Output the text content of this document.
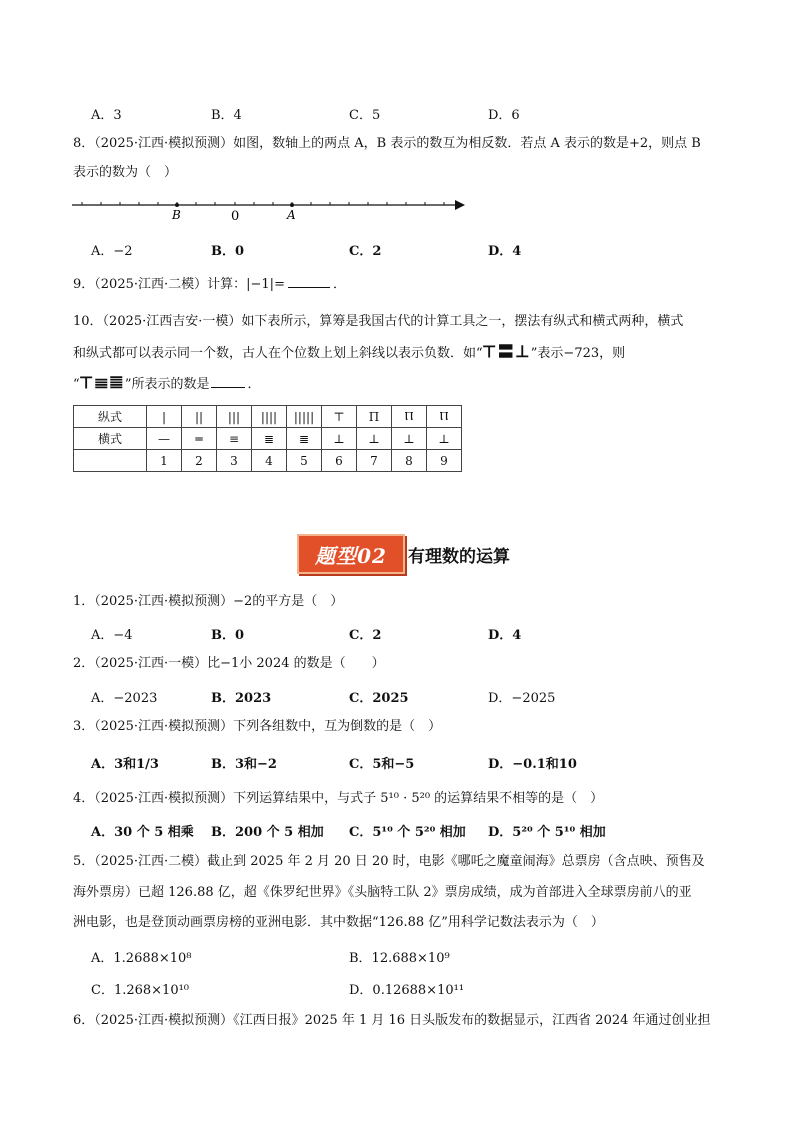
A．3	B．4	C．5	D．6
8．（2025·江西·模拟预测）如图，数轴上的两点 A，B 表示的数互为相反数．若点 A 表示的数是+2，则点 B
表示的数为（　）
B	0	A
A．−2	B．0	C．2	D．4
9．（2025·江西·二模）计算：|−1|=	．
10．（2025·江西吉安·一模）如下表所示，算筹是我国古代的计算工具之一，摆法有纵式和横式两种，横式
和纵式都可以表示同一个数，古人在个位数上划上斜线以表示负数．如“𝍮〓𝍥”表示−723，则
“𝍮𝍣𝍤”所表示的数是	．
纵式	|	||	|||	||||	|||||	⊤	Π	Ⲡ	Ⲡ
横式	—	═	≡	≣	≣	⊥	⊥	⊥	⊥
	1	2	3	4	5	6	7	8	9
题型02 有理数的运算
1．（2025·江西·模拟预测）−2的平方是（　）
A．−4	B．0	C．2	D．4
2．（2025·江西·一模）比−1小 2024 的数是（　　）
A．−2023	B．2023	C．2025	D．−2025
3．（2025·江西·模拟预测）下列各组数中，互为倒数的是（　）
A．3和1/3	B．3和−2	C．5和−5	D．−0.1和10
4．（2025·江西·模拟预测）下列运算结果中，与式子 5¹⁰ · 5²⁰ 的运算结果不相等的是（　）
A．30 个 5 相乘 B．200 个 5 相加 C．5¹⁰ 个 5²⁰ 相加 D．5²⁰ 个 5¹⁰ 相加
5．（2025·江西·二模）截止到 2025 年 2 月 20 日 20 时，电影《哪吒之魔童闹海》总票房（含点映、预售及
海外票房）已超 126.88 亿，超《侏罗纪世界》《头脑特工队 2》票房成绩，成为首部进入全球票房前八的亚
洲电影，也是登顶动画票房榜的亚洲电影．其中数据“126.88 亿”用科学记数法表示为（　）
A．1.2688×10⁸	B．12.688×10⁹
C．1.268×10¹⁰	D．0.12688×10¹¹
6．（2025·江西·模拟预测）《江西日报》2025 年 1 月 16 日头版发布的数据显示，江西省 2024 年通过创业担
